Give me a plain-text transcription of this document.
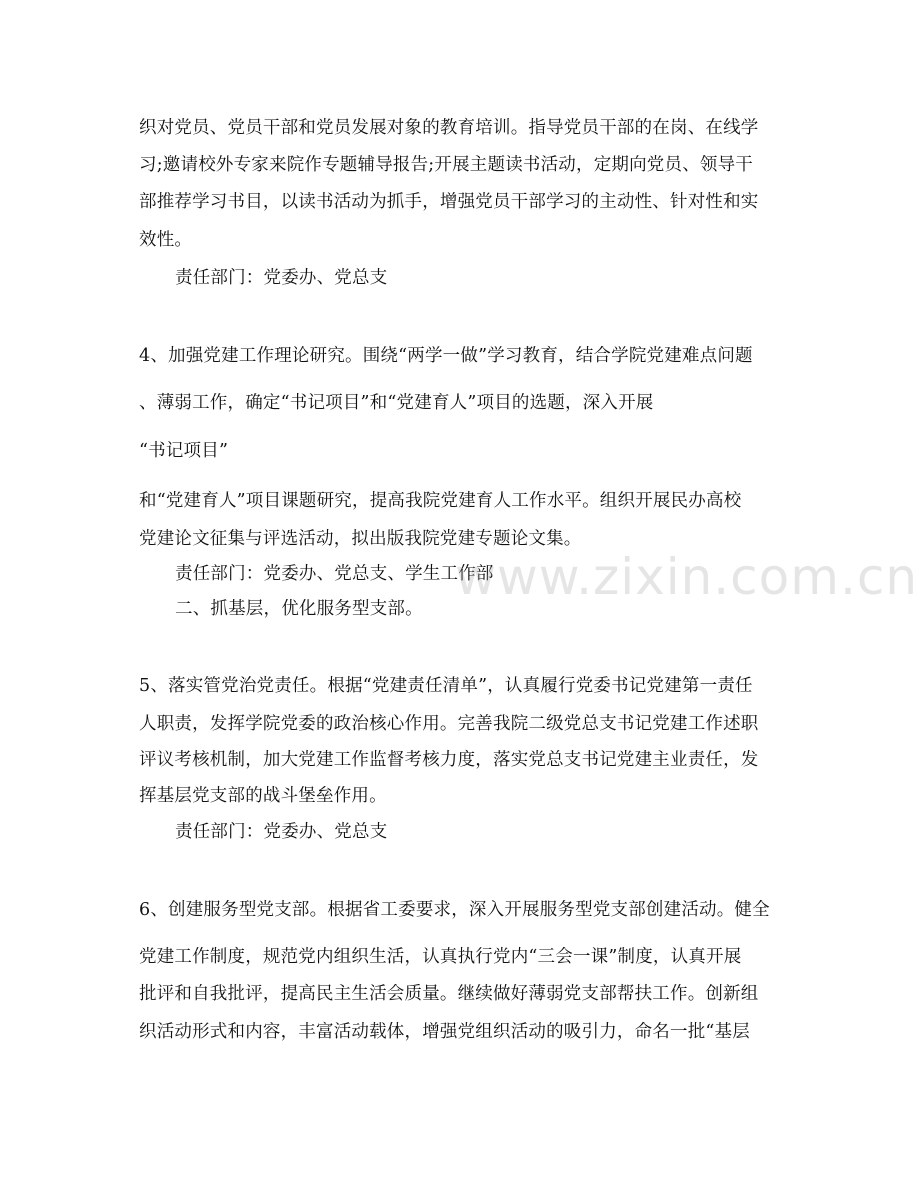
织对党员、党员干部和党员发展对象的教育培训。指导党员干部的在岗、在线学
习;邀请校外专家来院作专题辅导报告;开展主题读书活动，定期向党员、领导干
部推荐学习书目，以读书活动为抓手，增强党员干部学习的主动性、针对性和实
效性。
责任部门：党委办、党总支
4、加强党建工作理论研究。围绕“两学一做”学习教育，结合学院党建难点问题
、薄弱工作，确定“书记项目”和“党建育人”项目的选题，深入开展
“书记项目”
和“党建育人”项目课题研究，提高我院党建育人工作水平。组织开展民办高校
党建论文征集与评选活动，拟出版我院党建专题论文集。
责任部门：党委办、党总支、学生工作部
二、抓基层，优化服务型支部。
5、落实管党治党责任。根据“党建责任清单”，认真履行党委书记党建第一责任
人职责，发挥学院党委的政治核心作用。完善我院二级党总支书记党建工作述职
评议考核机制，加大党建工作监督考核力度，落实党总支书记党建主业责任，发
挥基层党支部的战斗堡垒作用。
责任部门：党委办、党总支
6、创建服务型党支部。根据省工委要求，深入开展服务型党支部创建活动。健全
党建工作制度，规范党内组织生活，认真执行党内“三会一课”制度，认真开展
批评和自我批评，提高民主生活会质量。继续做好薄弱党支部帮扶工作。创新组
织活动形式和内容，丰富活动载体，增强党组织活动的吸引力，命名一批“基层
www.zixin.com.cn
